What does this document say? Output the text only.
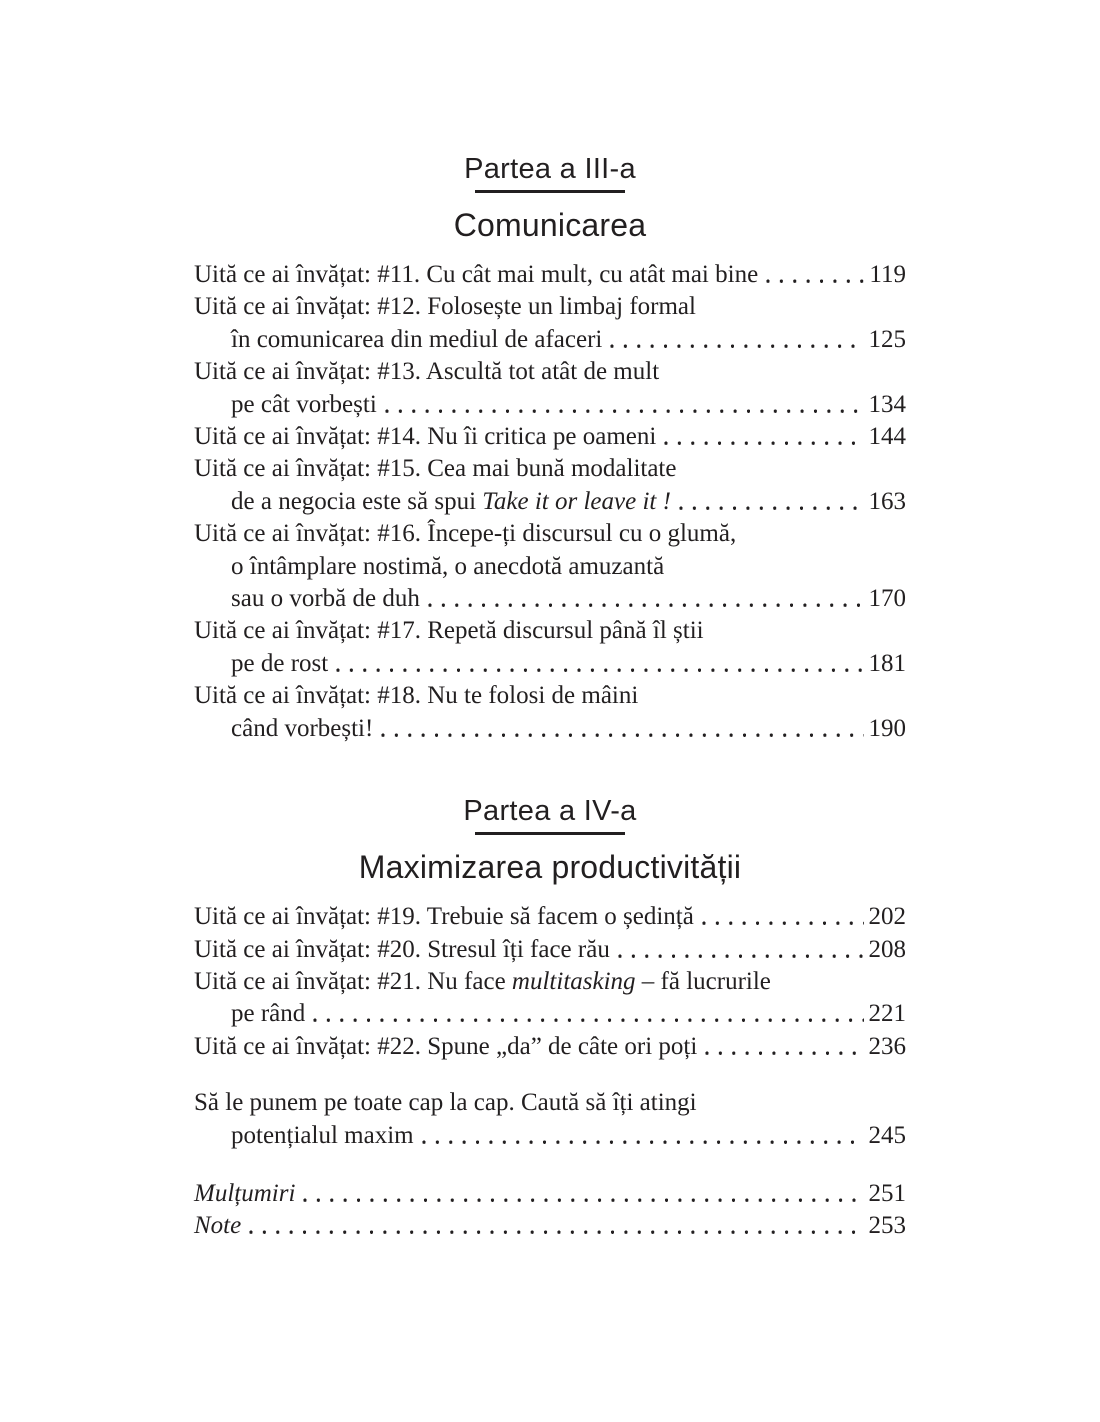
Partea a III-a
Comunicarea
Uită ce ai învățat: #11. Cu cât mai mult, cu atât mai bine	119
Uită ce ai învățat: #12. Folosește un limbaj formal
în comunicarea din mediul de afaceri	125
Uită ce ai învățat: #13. Ascultă tot atât de mult
pe cât vorbești	134
Uită ce ai învățat: #14. Nu îi critica pe oameni	144
Uită ce ai învățat: #15. Cea mai bună modalitate
de a negocia este să spui Take it or leave it !	163
Uită ce ai învățat: #16. Începe-ți discursul cu o glumă,
o întâmplare nostimă, o anecdotă amuzantă
sau o vorbă de duh	170
Uită ce ai învățat: #17. Repetă discursul până îl știi
pe de rost	181
Uită ce ai învățat: #18. Nu te folosi de mâini
când vorbești!	190
Partea a IV-a
Maximizarea productivității
Uită ce ai învățat: #19. Trebuie să facem o ședință	202
Uită ce ai învățat: #20. Stresul îți face rău	208
Uită ce ai învățat: #21. Nu face multitasking – fă lucrurile
pe rând	221
Uită ce ai învățat: #22. Spune „da” de câte ori poți	236
Să le punem pe toate cap la cap. Caută să îți atingi
potențialul maxim	245
Mulțumiri	251
Note	253
